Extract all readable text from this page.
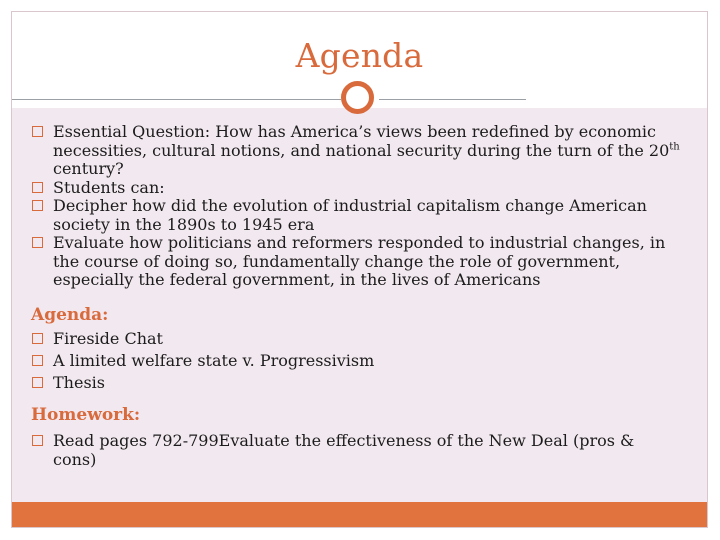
Agenda

Essential Question: How has America’s views been redefined by economic necessities, cultural notions, and national security during the turn of the 20th century?

Students can:

Decipher how did the evolution of industrial capitalism change American society in the 1890s to 1945 era

Evaluate how politicians and reformers responded to industrial changes, in the course of doing so, fundamentally change the role of government, especially the federal government, in the lives of Americans

Agenda:

Fireside Chat

A limited welfare state v. Progressivism

Thesis

Homework:

Read pages 792-799Evaluate the effectiveness of the New Deal (pros & cons)
